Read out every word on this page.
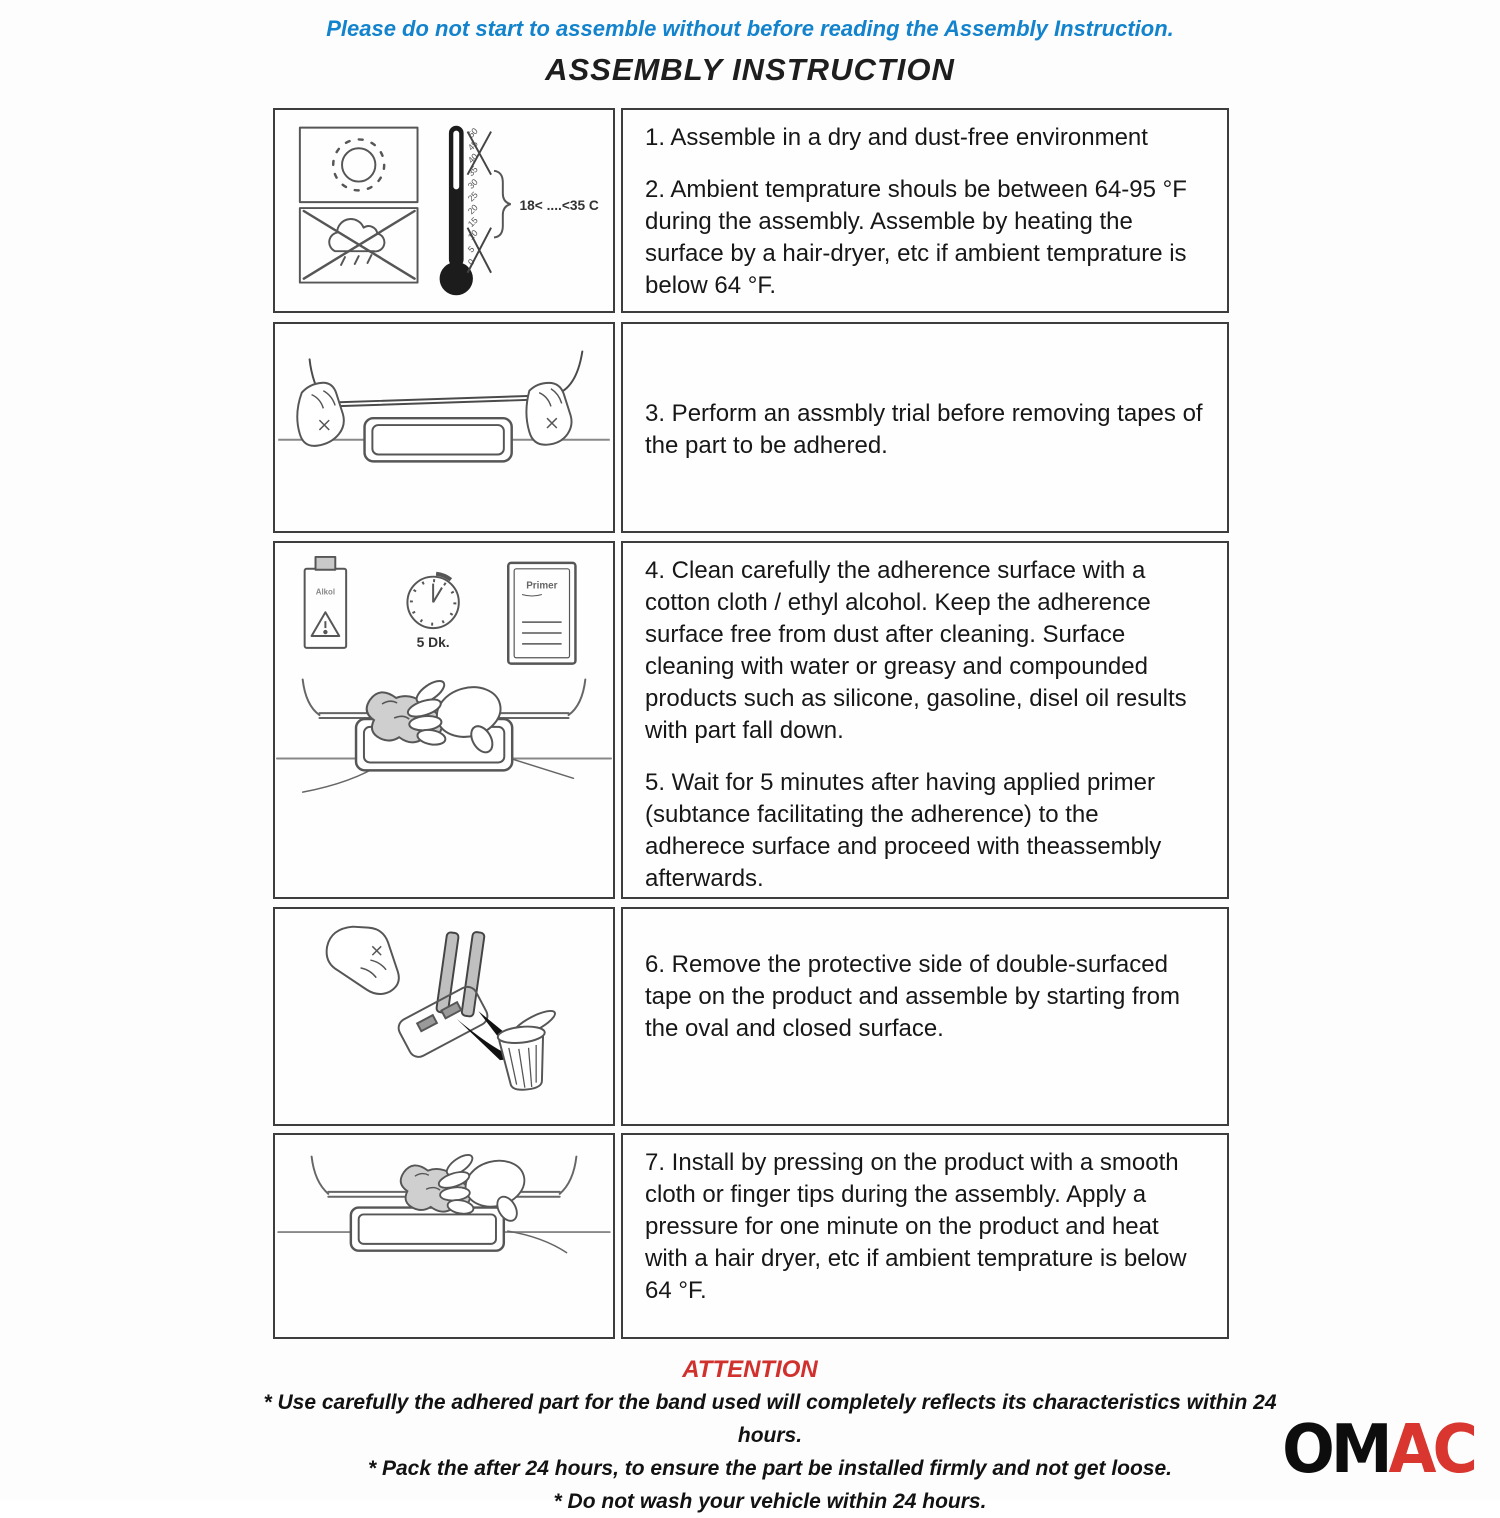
Please do not start to assemble without before reading the Assembly Instruction.
ASSEMBLY INSTRUCTION
50
45
40
35
30
25
20
15
10
5
0
18< ....<35 C

1. Assemble in a dry and dust-free environment

2. Ambient temprature shouls be between 64-95 °F during the assembly. Assemble by heating the surface by a hair-dryer, etc if ambient temprature is below 64 °F.

3. Perform an assmbly trial before removing tapes of the part to be adhered.

Alkol
5 Dk.
Primer

4. Clean carefully the adherence surface with a cotton cloth / ethyl alcohol. Keep the adherence surface free from dust after cleaning. Surface cleaning with water or greasy and compounded products such as silicone, gasoline, disel oil results with part fall down.

5. Wait for 5 minutes after having applied primer (subtance facilitating the adherence) to the adherece surface and proceed with theassembly afterwards.

6. Remove the protective side of double-surfaced tape on the product and assemble by starting from the oval and closed surface.

7. Install by pressing on the product with a smooth cloth or finger tips during the assembly. Apply a pressure for one minute on the product and heat with a hair dryer, etc if ambient temprature is below 64 °F.

ATTENTION

* Use carefully the adhered part for the band used will completely reflects its characteristics within 24 hours.

* Pack the after 24 hours, to ensure the part be installed firmly and not get loose.

* Do not wash your vehicle within 24 hours.

OMAC
